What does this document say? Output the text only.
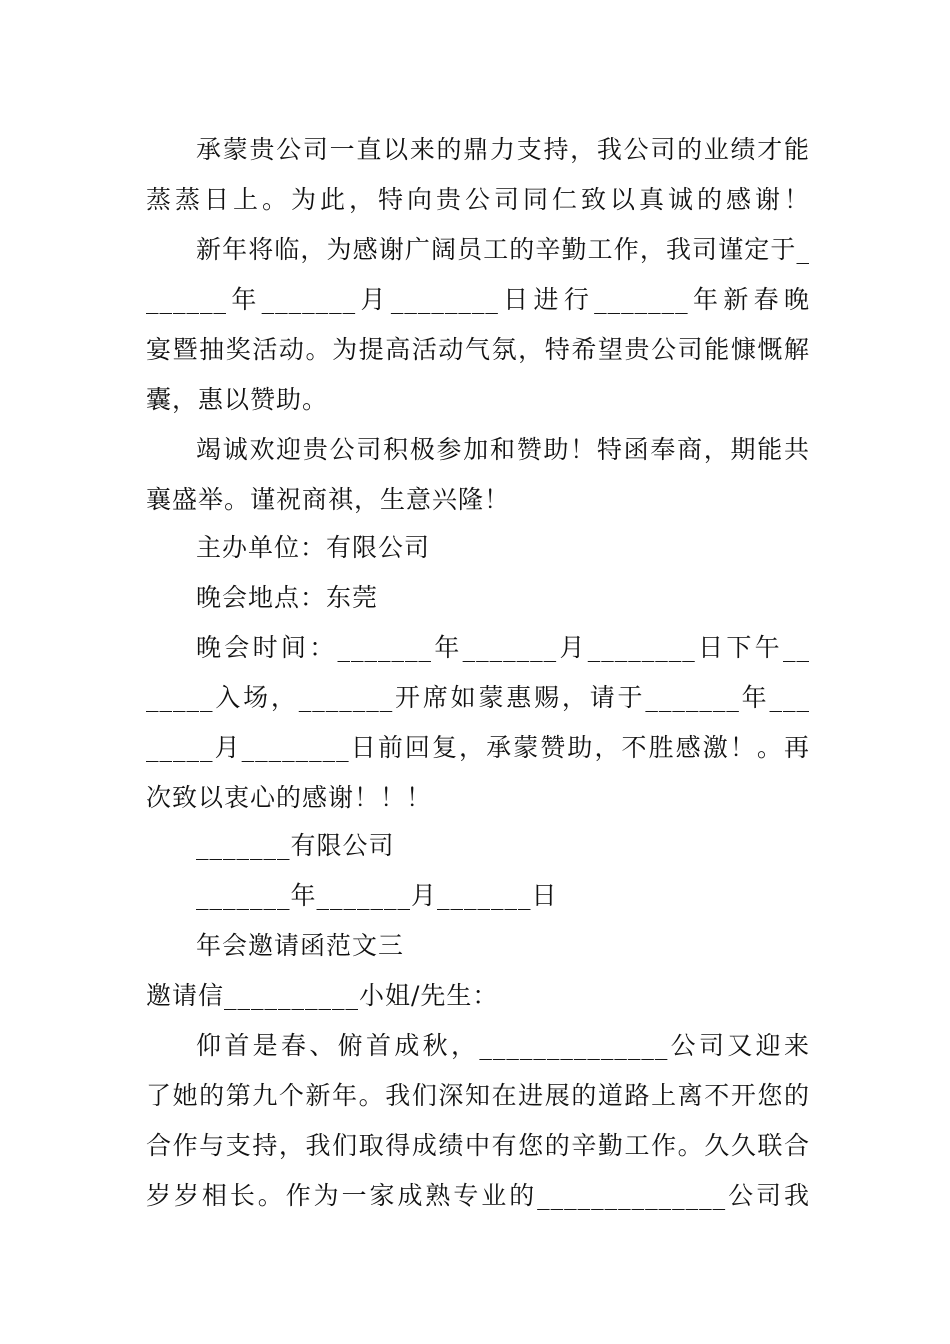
承蒙贵公司一直以来的鼎力支持，我公司的业绩才能
蒸蒸日上。为此，特向贵公司同仁致以真诚的感谢！
新年将临，为感谢广阔员工的辛勤工作，我司谨定于_
______年_______月________日进行_______年新春晚
宴暨抽奖活动。为提高活动气氛，特希望贵公司能慷慨解
囊，惠以赞助。
竭诚欢迎贵公司积极参加和赞助！特函奉商，期能共
襄盛举。谨祝商祺，生意兴隆！
主办单位：有限公司
晚会地点：东莞
晚会时间：_______年_______月________日下午__
_____入场，_______开席如蒙惠赐，请于_______年___
_____月________日前回复，承蒙赞助，不胜感激！。再
次致以衷心的感谢！！！
_______有限公司
_______年_______月_______日
年会邀请函范文三
邀请信__________小姐/先生：
仰首是春、俯首成秋，______________公司又迎来
了她的第九个新年。我们深知在进展的道路上离不开您的
合作与支持，我们取得成绩中有您的辛勤工作。久久联合
岁岁相长。作为一家成熟专业的______________公司我
